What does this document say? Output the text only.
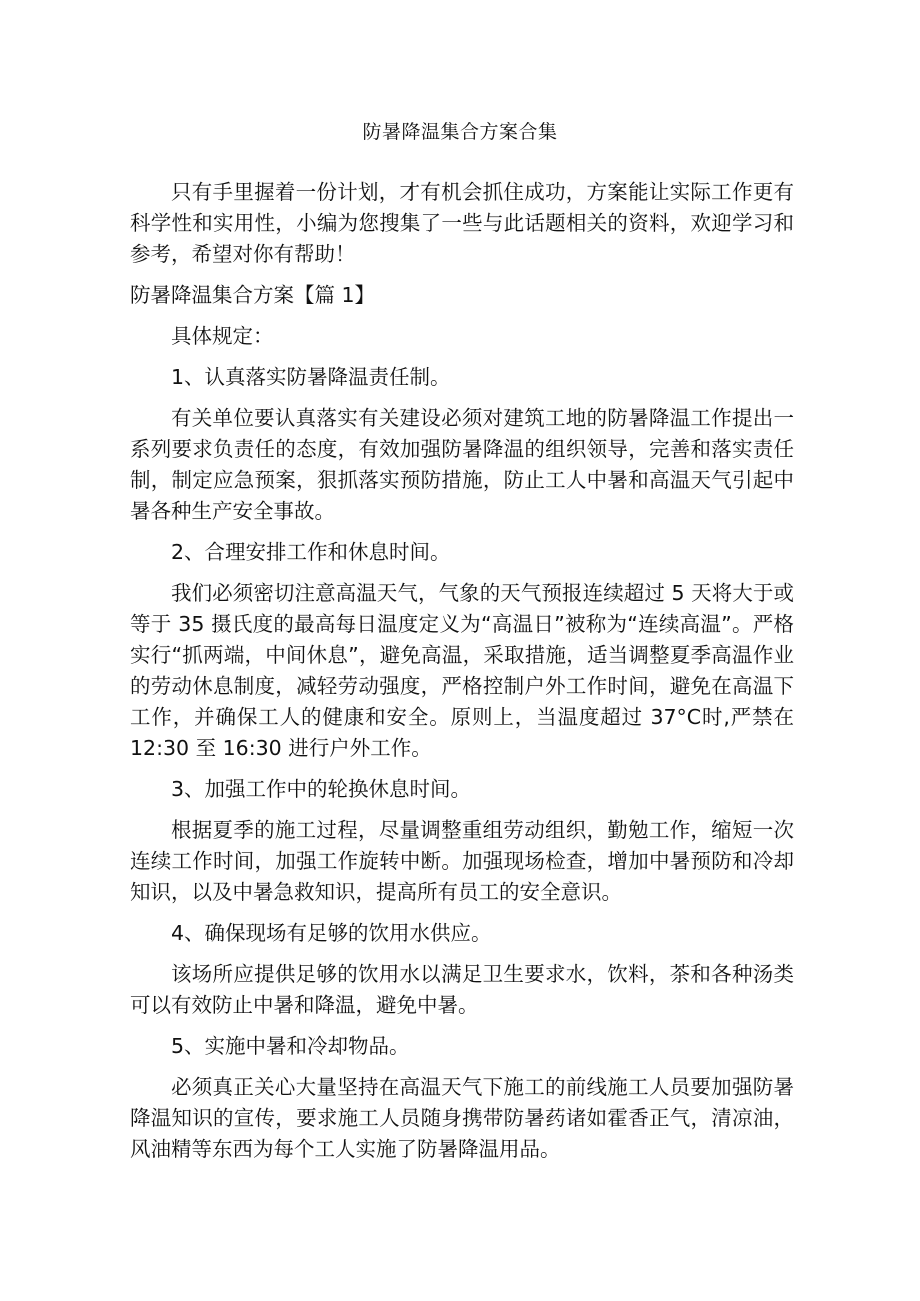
防暑降温集合方案合集

只有手里握着一份计划，才有机会抓住成功，方案能让实际工作更有科学性和实用性，小编为您搜集了一些与此话题相关的资料，欢迎学习和参考，希望对你有帮助！

防暑降温集合方案【篇 1】

具体规定：

1、认真落实防暑降温责任制。

有关单位要认真落实有关建设必须对建筑工地的防暑降温工作提出一系列要求负责任的态度，有效加强防暑降温的组织领导，完善和落实责任制，制定应急预案，狠抓落实预防措施，防止工人中暑和高温天气引起中暑各种生产安全事故。

2、合理安排工作和休息时间。

我们必须密切注意高温天气，气象的天气预报连续超过 5 天将大于或等于 35 摄氏度的最高每日温度定义为“高温日”被称为“连续高温”。严格实行“抓两端，中间休息”，避免高温，采取措施，适当调整夏季高温作业的劳动休息制度，减轻劳动强度，严格控制户外工作时间，避免在高温下工作，并确保工人的健康和安全。原则上，当温度超过 37°C时,严禁在 12:30 至 16:30 进行户外工作。

3、加强工作中的轮换休息时间。

根据夏季的施工过程，尽量调整重组劳动组织，勤勉工作，缩短一次连续工作时间，加强工作旋转中断。加强现场检查，增加中暑预防和冷却知识，以及中暑急救知识，提高所有员工的安全意识。

4、确保现场有足够的饮用水供应。

该场所应提供足够的饮用水以满足卫生要求水，饮料，茶和各种汤类可以有效防止中暑和降温，避免中暑。

5、实施中暑和冷却物品。

必须真正关心大量坚持在高温天气下施工的前线施工人员要加强防暑降温知识的宣传，要求施工人员随身携带防暑药诸如霍香正气，清凉油，风油精等东西为每个工人实施了防暑降温用品。
